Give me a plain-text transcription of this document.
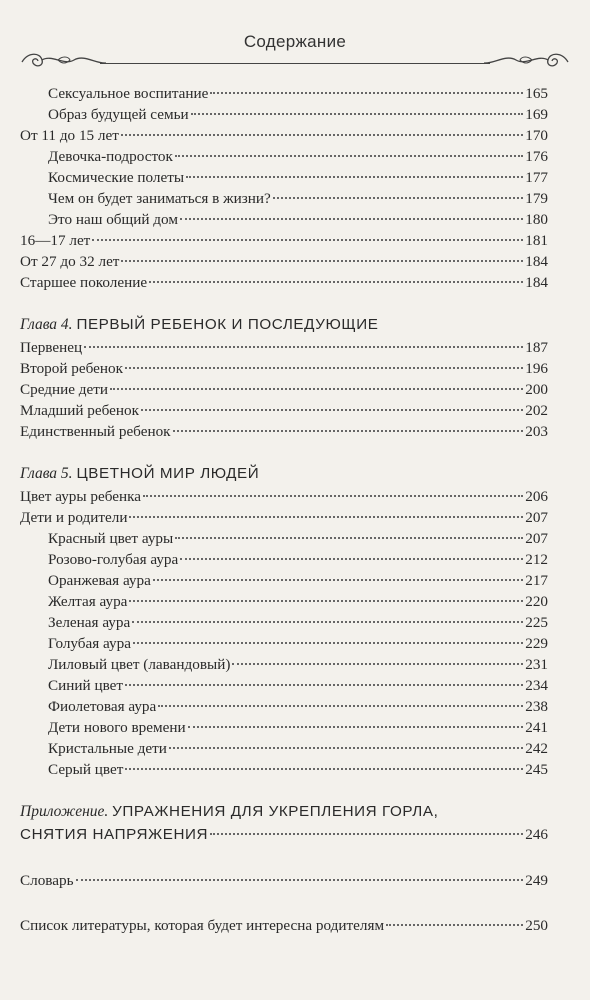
Содержание
Сексуальное воспитание	165
Образ будущей семьи	169
От 11 до 15 лет	170
Девочка-подросток	176
Космические полеты	177
Чем он будет заниматься в жизни?	179
Это наш общий дом	180
16—17 лет	181
От 27 до 32 лет	184
Старшее поколение	184
Глава 4. ПЕРВЫЙ РЕБЕНОК И ПОСЛЕДУЮЩИЕ
Первенец	187
Второй ребенок	196
Средние дети	200
Младший ребенок	202
Единственный ребенок	203
Глава 5. ЦВЕТНОЙ МИР ЛЮДЕЙ
Цвет ауры ребенка	206
Дети и родители	207
Красный цвет ауры	207
Розово-голубая аура	212
Оранжевая аура	217
Желтая аура	220
Зеленая аура	225
Голубая аура	229
Лиловый цвет (лавандовый)	231
Синий цвет	234
Фиолетовая аура	238
Дети нового времени	241
Кристальные дети	242
Серый цвет	245
Приложение. УПРАЖНЕНИЯ ДЛЯ УКРЕПЛЕНИЯ ГОРЛА,
СНЯТИЯ НАПРЯЖЕНИЯ	246
Словарь	249
Список литературы, которая будет интересна родителям	250
